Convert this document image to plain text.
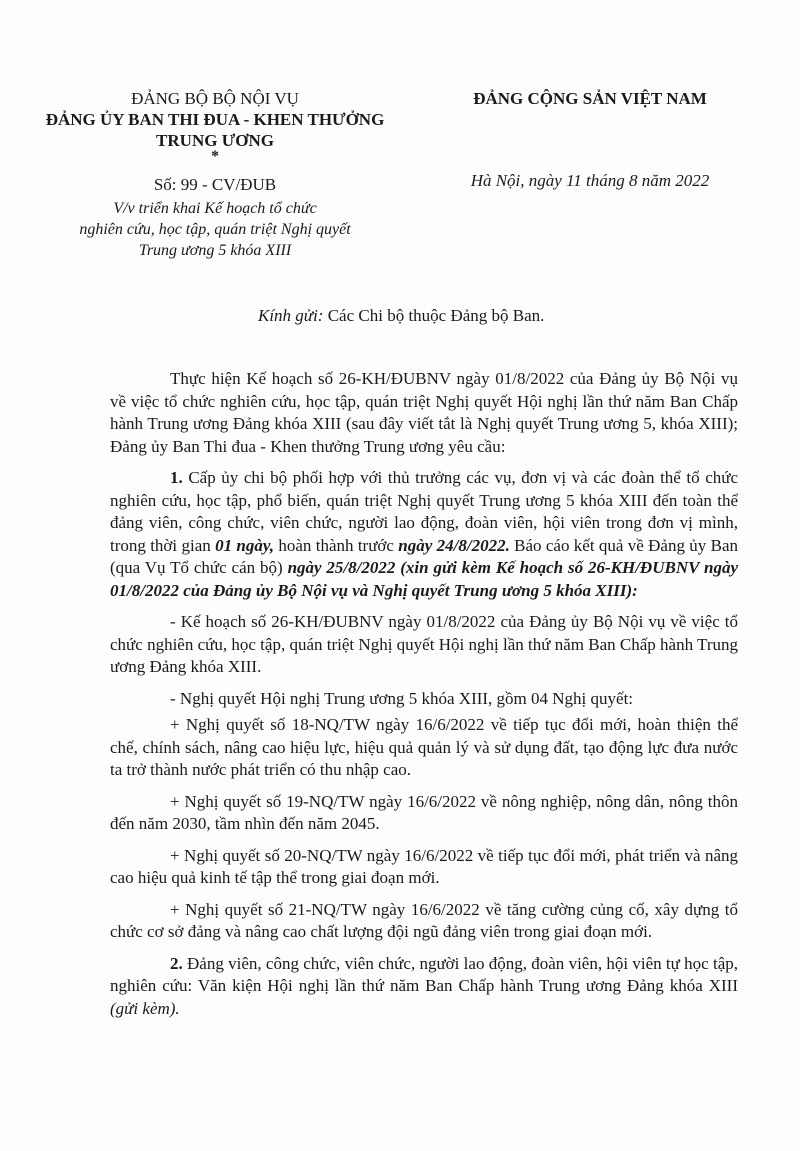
ĐẢNG BỘ BỘ NỘI VỤ
ĐẢNG ỦY BAN THI ĐUA - KHEN THƯỞNG
TRUNG ƯƠNG
*
ĐẢNG CỘNG SẢN VIỆT NAM
Số: 99 - CV/ĐUB
V/v triển khai Kế hoạch tổ chức
nghiên cứu, học tập, quán triệt Nghị quyết
Trung ương 5 khóa XIII
Hà Nội, ngày 11 tháng 8 năm 2022
Kính gửi: Các Chi bộ thuộc Đảng bộ Ban.

Thực hiện Kế hoạch số 26-KH/ĐUBNV ngày 01/8/2022 của Đảng ủy Bộ Nội vụ về việc tổ chức nghiên cứu, học tập, quán triệt Nghị quyết Hội nghị lần thứ năm Ban Chấp hành Trung ương Đảng khóa XIII (sau đây viết tắt là Nghị quyết Trung ương 5, khóa XIII); Đảng ủy Ban Thi đua - Khen thưởng Trung ương yêu cầu:

1. Cấp ủy chi bộ phối hợp với thủ trưởng các vụ, đơn vị và các đoàn thể tổ chức nghiên cứu, học tập, phổ biến, quán triệt Nghị quyết Trung ương 5 khóa XIII đến toàn thể đảng viên, công chức, viên chức, người lao động, đoàn viên, hội viên trong đơn vị mình, trong thời gian 01 ngày, hoàn thành trước ngày 24/8/2022. Báo cáo kết quả về Đảng ủy Ban (qua Vụ Tổ chức cán bộ) ngày 25/8/2022 (xin gửi kèm Kế hoạch số 26-KH/ĐUBNV ngày 01/8/2022 của Đảng ủy Bộ Nội vụ và Nghị quyết Trung ương 5 khóa XIII):

- Kế hoạch số 26-KH/ĐUBNV ngày 01/8/2022 của Đảng ủy Bộ Nội vụ về việc tổ chức nghiên cứu, học tập, quán triệt Nghị quyết Hội nghị lần thứ năm Ban Chấp hành Trung ương Đảng khóa XIII.

- Nghị quyết Hội nghị Trung ương 5 khóa XIII, gồm 04 Nghị quyết:

+ Nghị quyết số 18-NQ/TW ngày 16/6/2022 về tiếp tục đổi mới, hoàn thiện thể chế, chính sách, nâng cao hiệu lực, hiệu quả quản lý và sử dụng đất, tạo động lực đưa nước ta trở thành nước phát triển có thu nhập cao.

+ Nghị quyết số 19-NQ/TW ngày 16/6/2022 về nông nghiệp, nông dân, nông thôn đến năm 2030, tầm nhìn đến năm 2045.

+ Nghị quyết số 20-NQ/TW ngày 16/6/2022 về tiếp tục đổi mới, phát triển và nâng cao hiệu quả kinh tế tập thể trong giai đoạn mới.

+ Nghị quyết số 21-NQ/TW ngày 16/6/2022 về tăng cường củng cố, xây dựng tổ chức cơ sở đảng và nâng cao chất lượng đội ngũ đảng viên trong giai đoạn mới.

2. Đảng viên, công chức, viên chức, người lao động, đoàn viên, hội viên tự học tập, nghiên cứu: Văn kiện Hội nghị lần thứ năm Ban Chấp hành Trung ương Đảng khóa XIII (gửi kèm).
